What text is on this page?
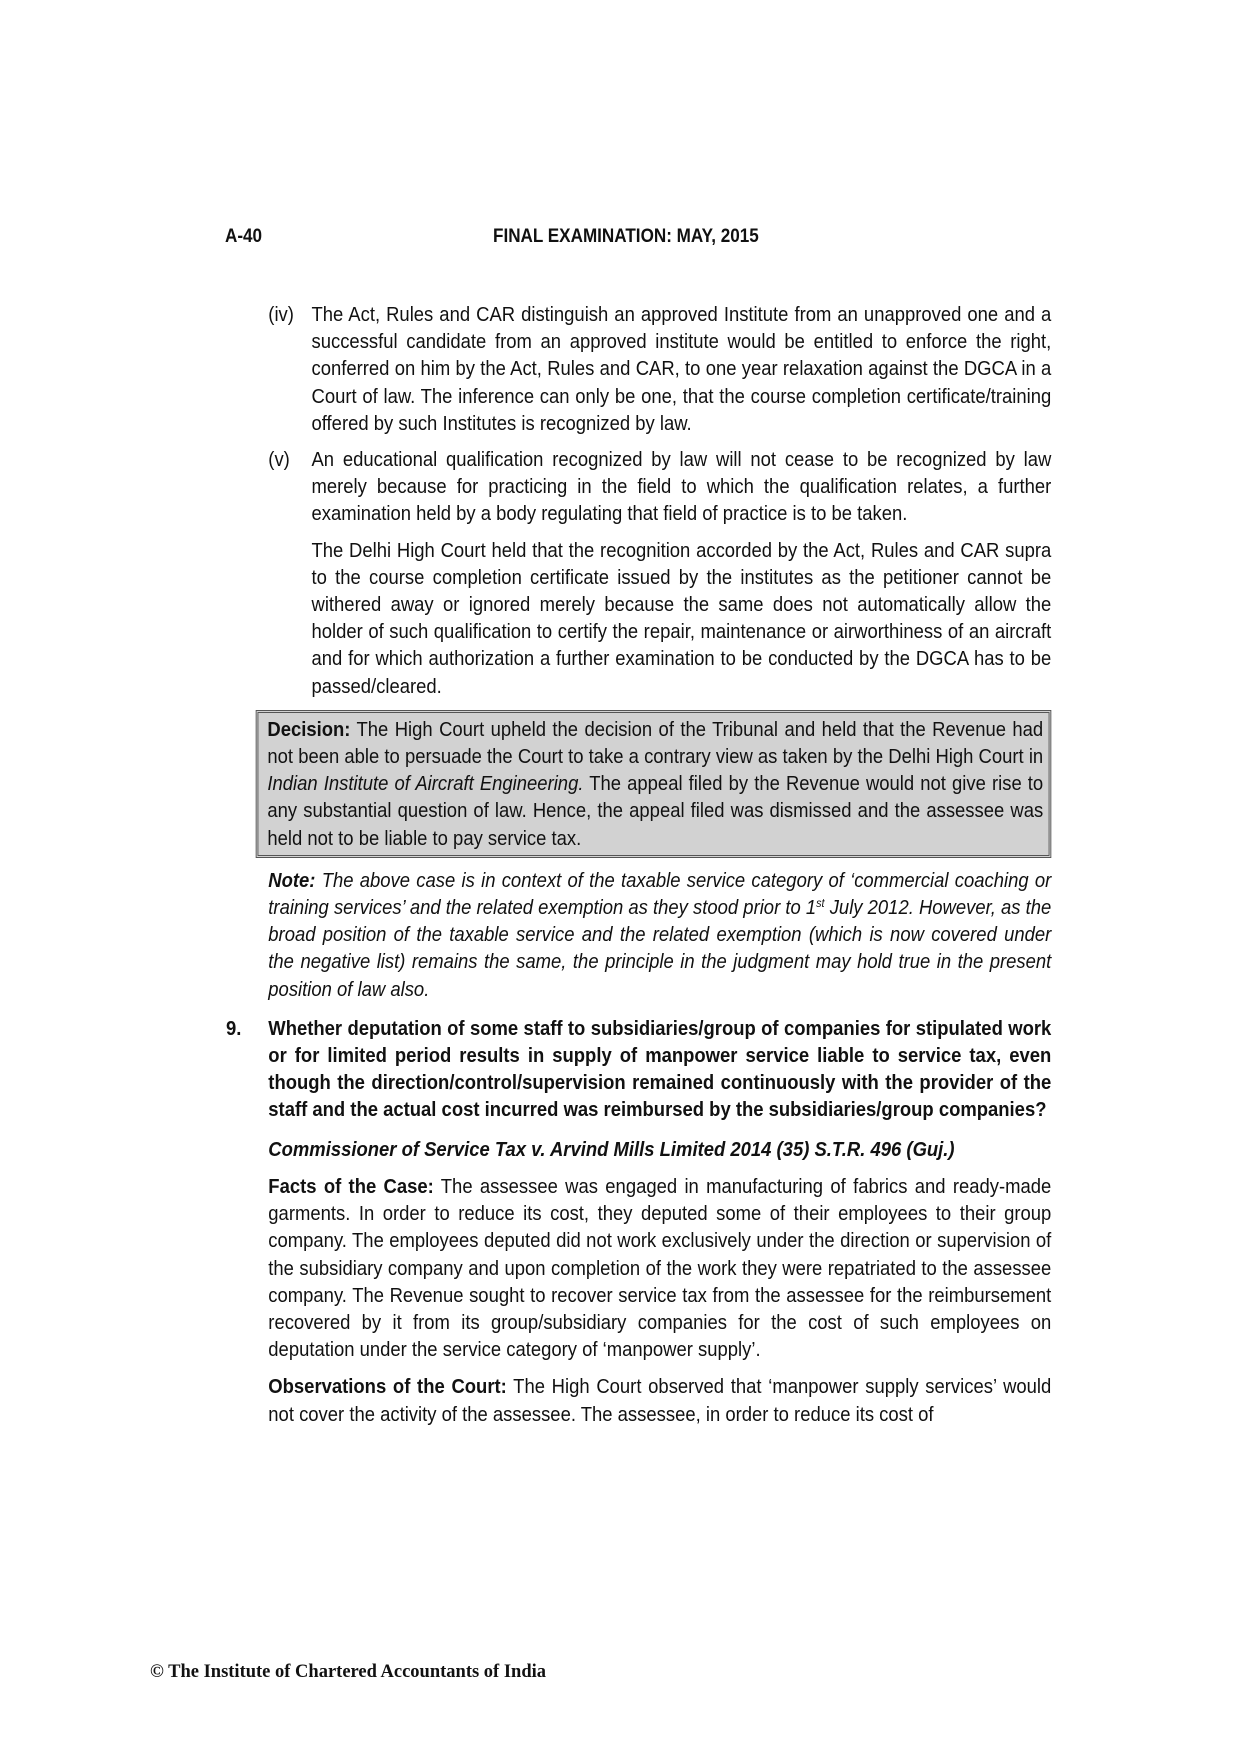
A-40	FINAL EXAMINATION: MAY, 2015
(iv) The Act, Rules and CAR distinguish an approved Institute from an unapproved one and a successful candidate from an approved institute would be entitled to enforce the right, conferred on him by the Act, Rules and CAR, to one year relaxation against the DGCA in a Court of law. The inference can only be one, that the course completion certificate/training offered by such Institutes is recognized by law.
(v) An educational qualification recognized by law will not cease to be recognized by law merely because for practicing in the field to which the qualification relates, a further examination held by a body regulating that field of practice is to be taken.

The Delhi High Court held that the recognition accorded by the Act, Rules and CAR supra to the course completion certificate issued by the institutes as the petitioner cannot be withered away or ignored merely because the same does not automatically allow the holder of such qualification to certify the repair, maintenance or airworthiness of an aircraft and for which authorization a further examination to be conducted by the DGCA has to be passed/cleared.

Decision: The High Court upheld the decision of the Tribunal and held that the Revenue had not been able to persuade the Court to take a contrary view as taken by the Delhi High Court in Indian Institute of Aircraft Engineering. The appeal filed by the Revenue would not give rise to any substantial question of law. Hence, the appeal filed was dismissed and the assessee was held not to be liable to pay service tax.
Note: The above case is in context of the taxable service category of ‘commercial coaching or training services’ and the related exemption as they stood prior to 1st July 2012. However, as the broad position of the taxable service and the related exemption (which is now covered under the negative list) remains the same, the principle in the judgment may hold true in the present position of law also.
9. Whether deputation of some staff to subsidiaries/group of companies for stipulated work or for limited period results in supply of manpower service liable to service tax, even though the direction/control/supervision remained continuously with the provider of the staff and the actual cost incurred was reimbursed by the subsidiaries/group companies?
Commissioner of Service Tax v. Arvind Mills Limited 2014 (35) S.T.R. 496 (Guj.)
Facts of the Case: The assessee was engaged in manufacturing of fabrics and ready-made garments. In order to reduce its cost, they deputed some of their employees to their group company. The employees deputed did not work exclusively under the direction or supervision of the subsidiary company and upon completion of the work they were repatriated to the assessee company. The Revenue sought to recover service tax from the assessee for the reimbursement recovered by it from its group/subsidiary companies for the cost of such employees on deputation under the service category of ‘manpower supply’.
Observations of the Court: The High Court observed that ‘manpower supply services’ would not cover the activity of the assessee. The assessee, in order to reduce its cost of
© The Institute of Chartered Accountants of India
